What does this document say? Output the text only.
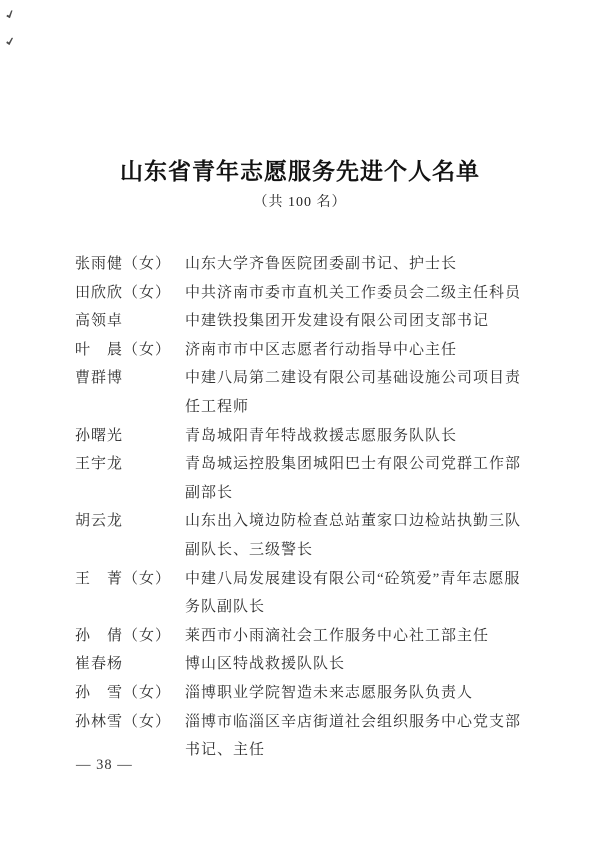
山东省青年志愿服务先进个人名单
（共 100 名）
张雨健（女） 山东大学齐鲁医院团委副书记、护士长
田欣欣（女） 中共济南市委市直机关工作委员会二级主任科员
高领卓	中建铁投集团开发建设有限公司团支部书记
叶　晨（女） 济南市市中区志愿者行动指导中心主任
曹群博	中建八局第二建设有限公司基础设施公司项目责任工程师
孙曙光	青岛城阳青年特战救援志愿服务队队长
王宇龙	青岛城运控股集团城阳巴士有限公司党群工作部副部长
胡云龙	山东出入境边防检查总站董家口边检站执勤三队副队长、三级警长
王　菁（女） 中建八局发展建设有限公司“砼筑爱”青年志愿服务队副队长
孙　倩（女） 莱西市小雨滴社会工作服务中心社工部主任
崔春杨	博山区特战救援队队长
孙　雪（女） 淄博职业学院智造未来志愿服务队负责人
孙林雪（女） 淄博市临淄区辛店街道社会组织服务中心党支部书记、主任
— 38 —
